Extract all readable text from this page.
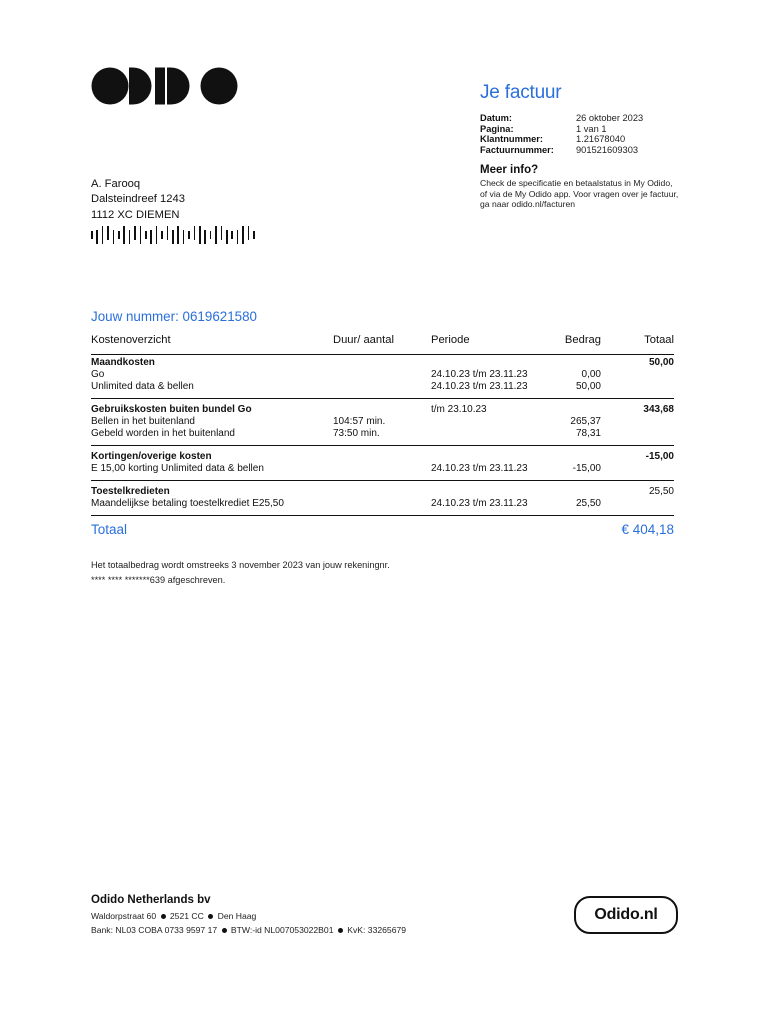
Je factuur
Datum:	26 oktober 2023
Pagina:	1 van 1
Klantnummer:	1.21678040
Factuurnummer:	901521609303
Meer info?
Check de specificatie en betaalstatus in My Odido, of via de My Odido app. Voor vragen over je factuur, ga naar odido.nl/facturen
A. Farooq
Dalsteindreef 1243
1112 XC DIEMEN
Jouw nummer: 0619621580
Kostenoverzicht	Duur/ aantal	Periode	Bedrag	Totaal
Maandkosten	50,00
Go	24.10.23 t/m 23.11.23	0,00
Unlimited data & bellen	24.10.23 t/m 23.11.23	50,00
Gebruikskosten buiten bundel Go	t/m 23.10.23	343,68
Bellen in het buitenland	104:57 min.	265,37
Gebeld worden in het buitenland	73:50 min.	78,31
Kortingen/overige kosten	-15,00
E 15,00 korting Unlimited data & bellen	24.10.23 t/m 23.11.23	-15,00
Toestelkredieten	25,50
Maandelijkse betaling toestelkrediet E25,50	24.10.23 t/m 23.11.23	25,50
Totaal	€ 404,18
Het totaalbedrag wordt omstreeks 3 november 2023 van jouw rekeningnr.
**** **** *******639 afgeschreven.
Odido Netherlands bv
Waldorpstraat 60 2521 CC Den Haag
Bank: NL03 COBA 0733 9597 17 BTW:-id NL007053022B01 KvK: 33265679
Odido.nl
